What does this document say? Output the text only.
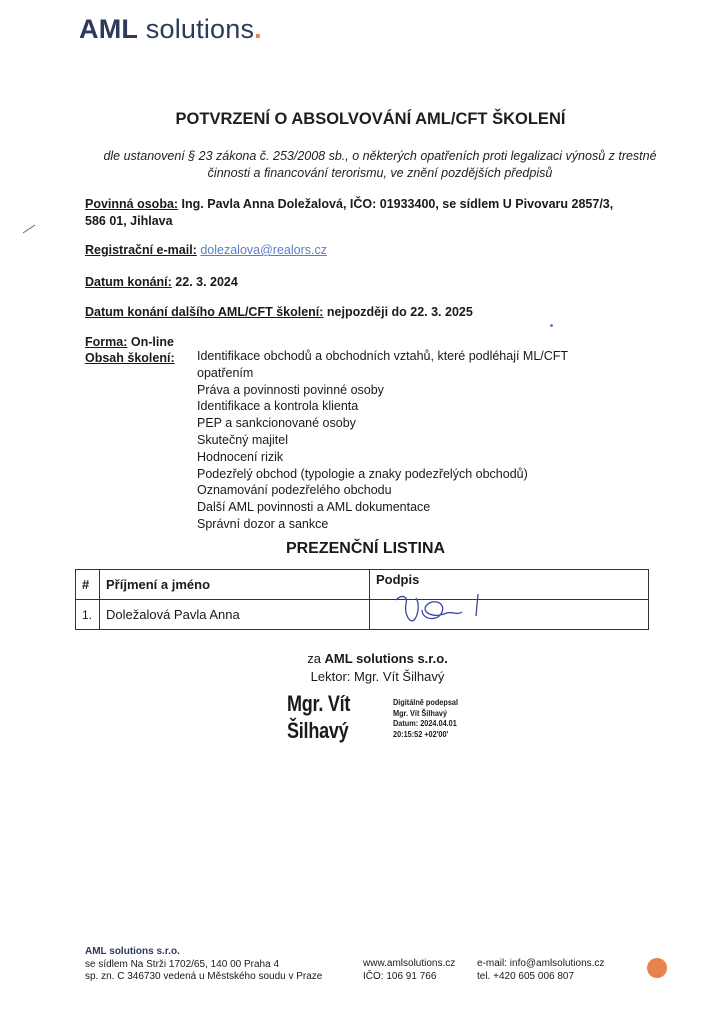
AML solutions.
POTVRZENÍ O ABSOLVOVÁNÍ AML/CFT ŠKOLENÍ
dle ustanovení § 23 zákona č. 253/2008 sb., o některých opatřeních proti legalizaci výnosů z trestné činnosti a financování terorismu, ve znění pozdějších předpisů
Povinná osoba: Ing. Pavla Anna Doležalová, IČO: 01933400, se sídlem U Pivovaru 2857/3,
586 01, Jihlava
Registrační e-mail: dolezalova@realors.cz
Datum konání: 22. 3. 2024
Datum konání dalšího AML/CFT školení: nejpozději do 22. 3. 2025
Forma: On-line
Obsah školení: Identifikace obchodů a obchodních vztahů, které podléhají ML/CFT opatřením
Práva a povinnosti povinné osoby
Identifikace a kontrola klienta
PEP a sankcionované osoby
Skutečný majitel
Hodnocení rizik
Podezřelý obchod (typologie a znaky podezřelých obchodů)
Oznamování podezřelého obchodu
Další AML povinnosti a AML dokumentace
Správní dozor a sankce
PREZENČNÍ LISTINA
#	Příjmení a jméno	Podpis
1.	Doležalová Pavla Anna	
za AML solutions s.r.o.
Lektor: Mgr. Vít Šilhavý
Mgr. Vít
Šilhavý
Digitálně podepsal
Mgr. Vít Šilhavý
Datum: 2024.04.01
20:15:52 +02'00'
AML solutions s.r.o.
se sídlem Na Strži 1702/65, 140 00 Praha 4
sp. zn. C 346730 vedená u Městského soudu v Praze
www.amlsolutions.cz
IČO: 106 91 766
e-mail: info@amlsolutions.cz
tel. +420 605 006 807
